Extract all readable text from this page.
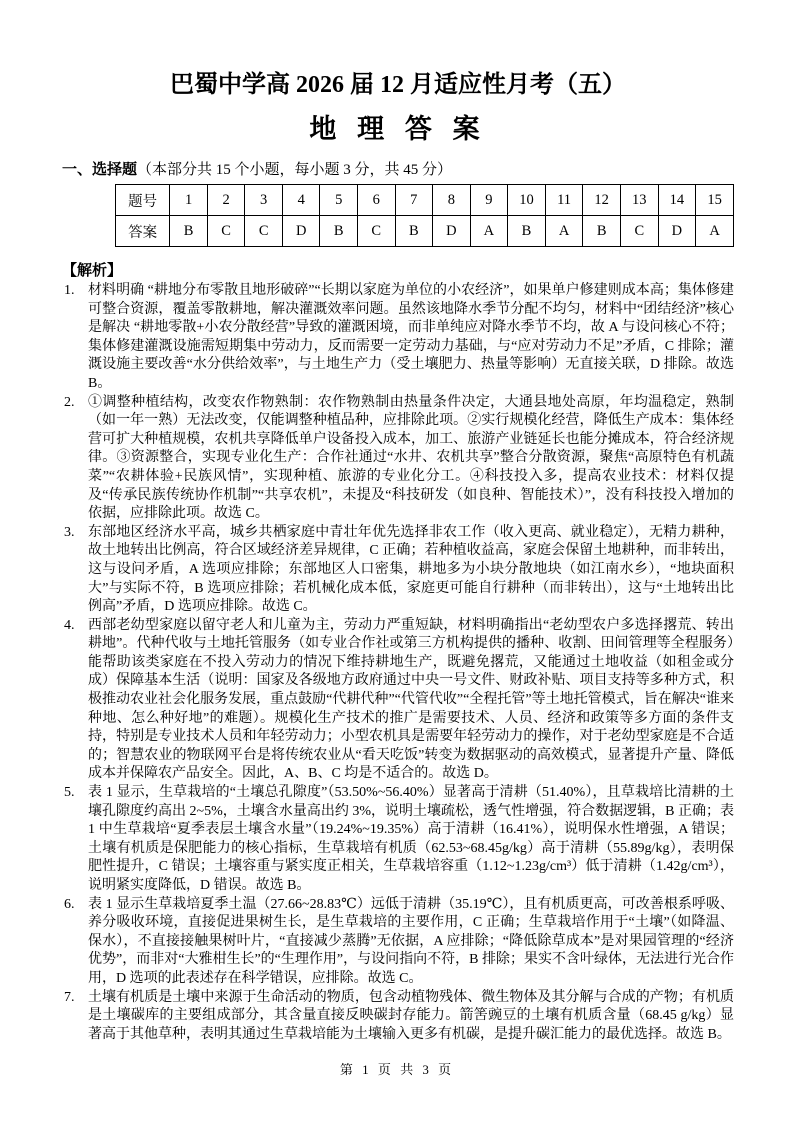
巴蜀中学高 2026 届 12 月适应性月考（五）
地 理 答 案
一、选择题（本部分共 15 个小题，每小题 3 分，共 45 分）
题号	1	2	3	4	5	6	7	8	9	10	11	12	13	14	15
答案	B	C	C	D	B	C	B	D	A	B	A	B	C	D	A
【解析】
1. 材料明确 “耕地分布零散且地形破碎”“长期以家庭为单位的小农经济”，如果单户修建则成本高；集体修建可整合资源，覆盖零散耕地，解决灌溉效率问题。虽然该地降水季节分配不均匀，材料中“团结经济”核心是解决 “耕地零散+小农分散经营”导致的灌溉困境，而非单纯应对降水季节不均，故 A 与设问核心不符；集体修建灌溉设施需短期集中劳动力，反而需要一定劳动力基础，与“应对劳动力不足”矛盾，C 排除；灌溉设施主要改善“水分供给效率”，与土地生产力（受土壤肥力、热量等影响）无直接关联，D 排除。故选 B。
2. ①调整种植结构，改变农作物熟制：农作物熟制由热量条件决定，大通县地处高原，年均温稳定，熟制（如一年一熟）无法改变，仅能调整种植品种，应排除此项。②实行规模化经营，降低生产成本：集体经营可扩大种植规模，农机共享降低单户设备投入成本，加工、旅游产业链延长也能分摊成本，符合经济规律。③资源整合，实现专业化生产：合作社通过“水井、农机共享”整合分散资源，聚焦“高原特色有机蔬菜”“农耕体验+民族风情”，实现种植、旅游的专业化分工。④科技投入多，提高农业技术：材料仅提及“传承民族传统协作机制”“共享农机”，未提及“科技研发（如良种、智能技术）”，没有科技投入增加的依据，应排除此项。故选 C。
3. 东部地区经济水平高，城乡共栖家庭中青壮年优先选择非农工作（收入更高、就业稳定），无精力耕种，故土地转出比例高，符合区域经济差异规律，C 正确；若种植收益高，家庭会保留土地耕种，而非转出，这与设问矛盾，A 选项应排除；东部地区人口密集，耕地多为小块分散地块（如江南水乡），“地块面积大”与实际不符，B 选项应排除；若机械化成本低，家庭更可能自行耕种（而非转出），这与“土地转出比例高”矛盾，D 选项应排除。故选 C。
4. 西部老幼型家庭以留守老人和儿童为主，劳动力严重短缺，材料明确指出“老幼型农户多选择撂荒、转出耕地”。代种代收与土地托管服务（如专业合作社或第三方机构提供的播种、收割、田间管理等全程服务）能帮助该类家庭在不投入劳动力的情况下维持耕地生产，既避免撂荒，又能通过土地收益（如租金或分成）保障基本生活（说明：国家及各级地方政府通过中央一号文件、财政补贴、项目支持等多种方式，积极推动农业社会化服务发展，重点鼓励“代耕代种”“代管代收”“全程托管”等土地托管模式，旨在解决“谁来种地、怎么种好地”的难题）。规模化生产技术的推广是需要技术、人员、经济和政策等多方面的条件支持，特别是专业技术人员和年轻劳动力；小型农机具是需要年轻劳动力的操作，对于老幼型家庭是不合适的；智慧农业的物联网平台是将传统农业从“看天吃饭”转变为数据驱动的高效模式，显著提升产量、降低成本并保障农产品安全。因此，A、B、C 均是不适合的。故选 D。
5. 表 1 显示，生草栽培的“土壤总孔隙度”（53.50%~56.40%）显著高于清耕（51.40%），且草栽培比清耕的土壤孔隙度约高出 2~5%，土壤含水量高出约 3%，说明土壤疏松，透气性增强，符合数据逻辑，B 正确；表 1 中生草栽培“夏季表层土壤含水量”（19.24%~19.35%）高于清耕（16.41%），说明保水性增强，A 错误；土壤有机质是保肥能力的核心指标，生草栽培有机质（62.53~68.45g/kg）高于清耕（55.89g/kg），表明保肥性提升，C 错误；土壤容重与紧实度正相关，生草栽培容重（1.12~1.23g/cm³）低于清耕（1.42g/cm³），说明紧实度降低，D 错误。故选 B。
6. 表 1 显示生草栽培夏季土温（27.66~28.83℃）远低于清耕（35.19℃），且有机质更高，可改善根系呼吸、养分吸收环境，直接促进果树生长，是生草栽培的主要作用，C 正确；生草栽培作用于“土壤”（如降温、保水），不直接接触果树叶片，“直接减少蒸腾”无依据，A 应排除；“降低除草成本”是对果园管理的“经济优势”，而非对“大雅柑生长”的“生理作用”，与设问指向不符，B 排除；果实不含叶绿体，无法进行光合作用，D 选项的此表述存在科学错误，应排除。故选 C。
7. 土壤有机质是土壤中来源于生命活动的物质，包含动植物残体、微生物体及其分解与合成的产物；有机质是土壤碳库的主要组成部分，其含量直接反映碳封存能力。箭筈豌豆的土壤有机质含量（68.45 g/kg）显著高于其他草种，表明其通过生草栽培能为土壤输入更多有机碳，是提升碳汇能力的最优选择。故选 B。
第 1 页 共 3 页
